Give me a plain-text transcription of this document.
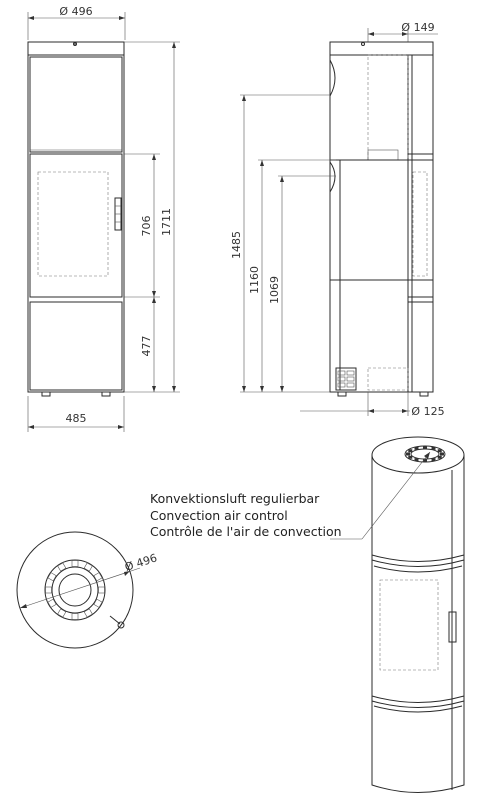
Ø 496
706
477
1711
485
Ø 149
1485
1160 1069
Ø 125
Ø 496
Konvektionsluft regulierbar
Convection air control
Contrôle de l'air de convection
